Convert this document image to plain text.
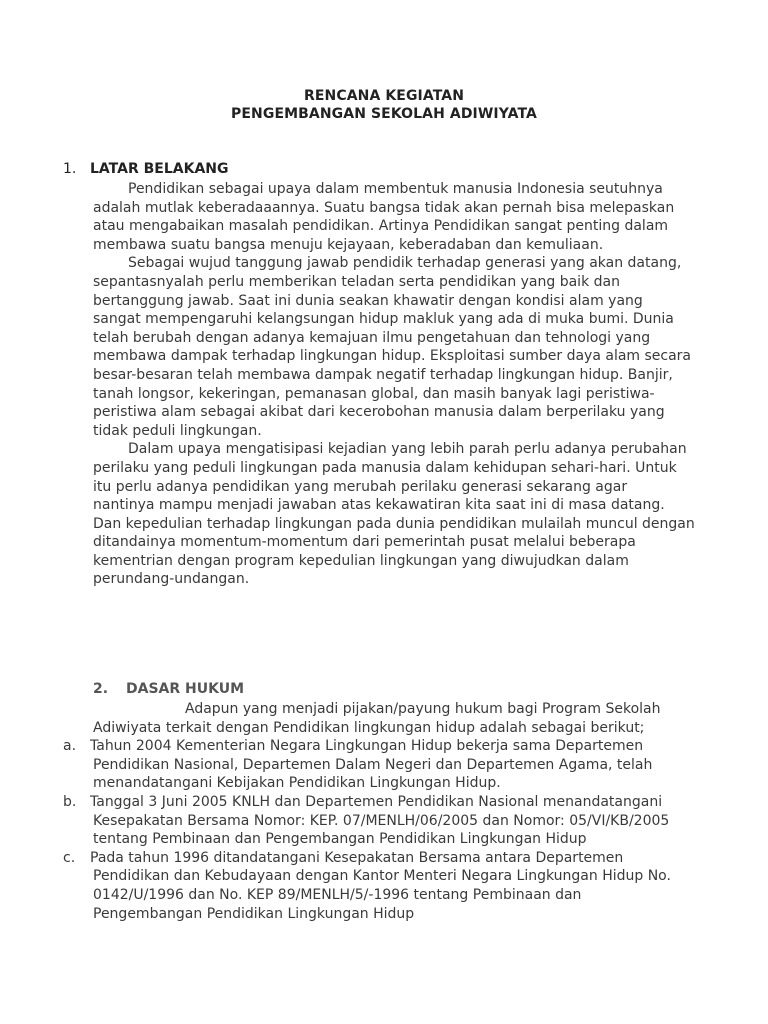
RENCANA KEGIATAN
PENGEMBANGAN SEKOLAH ADIWIYATA
1. LATAR BELAKANG
Pendidikan sebagai upaya dalam membentuk manusia Indonesia seutuhnya
adalah mutlak keberadaaannya. Suatu bangsa tidak akan pernah bisa melepaskan
atau mengabaikan masalah pendidikan. Artinya Pendidikan sangat penting dalam
membawa suatu bangsa menuju kejayaan, keberadaban dan kemuliaan.
Sebagai wujud tanggung jawab pendidik terhadap generasi yang akan datang,
sepantasnyalah perlu memberikan teladan serta pendidikan yang baik dan
bertanggung jawab. Saat ini dunia seakan khawatir dengan kondisi alam yang
sangat mempengaruhi kelangsungan hidup makluk yang ada di muka bumi. Dunia
telah berubah dengan adanya kemajuan ilmu pengetahuan dan tehnologi yang
membawa dampak terhadap lingkungan hidup. Eksploitasi sumber daya alam secara
besar-besaran telah membawa dampak negatif terhadap lingkungan hidup. Banjir,
tanah longsor, kekeringan, pemanasan global, dan masih banyak lagi peristiwa-
peristiwa alam sebagai akibat dari kecerobohan manusia dalam berperilaku yang
tidak peduli lingkungan.
Dalam upaya mengatisipasi kejadian yang lebih parah perlu adanya perubahan
perilaku yang peduli lingkungan pada manusia dalam kehidupan sehari-hari. Untuk
itu perlu adanya pendidikan yang merubah perilaku generasi sekarang agar
nantinya mampu menjadi jawaban atas kekawatiran kita saat ini di masa datang.
Dan kepedulian terhadap lingkungan pada dunia pendidikan mulailah muncul dengan
ditandainya momentum-momentum dari pemerintah pusat melalui beberapa
kementrian dengan program kepedulian lingkungan yang diwujudkan dalam
perundang-undangan.
2. DASAR HUKUM
Adapun yang menjadi pijakan/payung hukum bagi Program Sekolah
Adiwiyata terkait dengan Pendidikan lingkungan hidup adalah sebagai berikut;
a. Tahun 2004 Kementerian Negara Lingkungan Hidup bekerja sama Departemen
Pendidikan Nasional, Departemen Dalam Negeri dan Departemen Agama, telah
menandatangani Kebijakan Pendidikan Lingkungan Hidup.
b. Tanggal 3 Juni 2005 KNLH dan Departemen Pendidikan Nasional menandatangani
Kesepakatan Bersama Nomor: KEP. 07/MENLH/06/2005 dan Nomor: 05/VI/KB/2005
tentang Pembinaan dan Pengembangan Pendidikan Lingkungan Hidup
c. Pada tahun 1996 ditandatangani Kesepakatan Bersama antara Departemen
Pendidikan dan Kebudayaan dengan Kantor Menteri Negara Lingkungan Hidup No.
0142/U/1996 dan No. KEP 89/MENLH/5/-1996 tentang Pembinaan dan
Pengembangan Pendidikan Lingkungan Hidup
